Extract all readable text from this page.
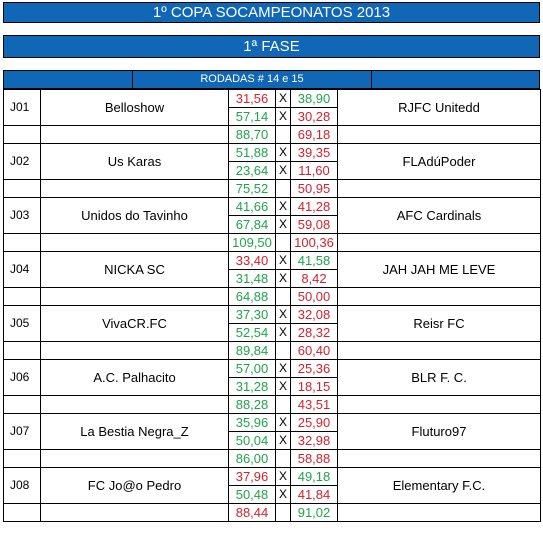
1º COPA SOCAMPEONATOS 2013
1ª FASE
RODADAS # 14 e 15
J01	Belloshow	31,56	X	38,90	RJFC Unitedd
		57,14	X	30,28	
		88,70		69,18	
J02	Us Karas	51,88	X	39,35	FLAdúPoder
		23,64	X	11,60	
		75,52		50,95	
J03	Unidos do Tavinho	41,66	X	41,28	AFC Cardinals
		67,84	X	59,08	
		109,50		100,36	
J04	NICKA SC	33,40	X	41,58	JAH JAH ME LEVE
		31,48	X	8,42	
		64,88		50,00	
J05	VivaCR.FC	37,30	X	32,08	Reisr FC
		52,54	X	28,32	
		89,84		60,40	
J06	A.C. Palhacito	57,00	X	25,36	BLR F. C.
		31,28	X	18,15	
		88,28		43,51	
J07	La Bestia Negra_Z	35,96	X	25,90	Fluturo97
		50,04	X	32,98	
		86,00		58,88	
J08	FC Jo@o Pedro	37,96	X	49,18	Elementary F.C.
		50,48	X	41,84	
		88,44		91,02	
